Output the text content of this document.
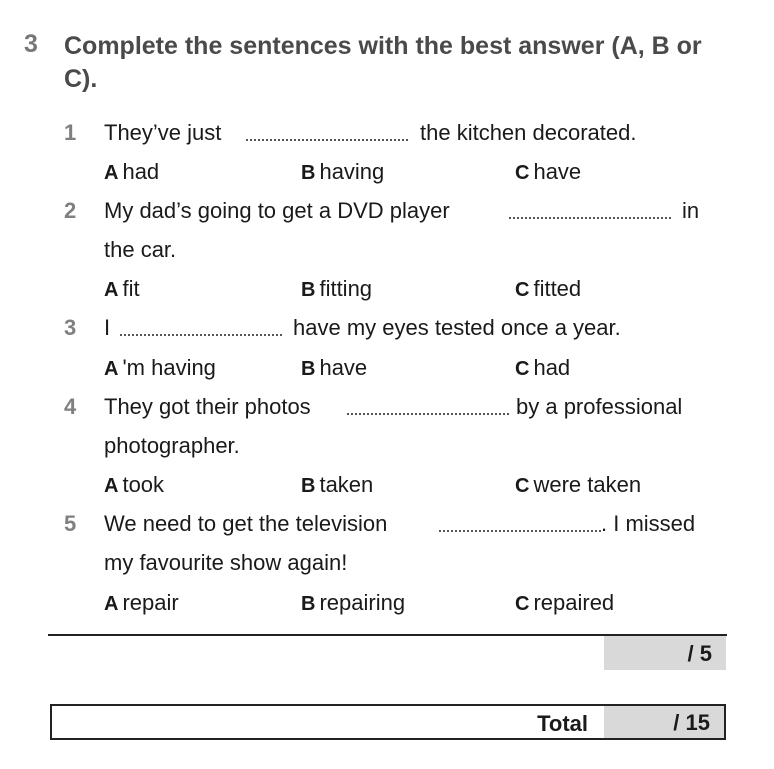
3 Complete the sentences with the best answer (A, B or C).
1 They’ve just	the kitchen decorated.
A had	B having	C have
2 My dad’s going to get a DVD player	in
the car.
A fit	B fitting	C fitted
3 I	have my eyes tested once a year.
A 'm having	B have	C had
4 They got their photos	by a professional
photographer.
A took	B taken	C were taken
5 We need to get the television	. I missed
my favourite show again!
A repair	B repairing	C repaired
/ 5
Total	/ 15
